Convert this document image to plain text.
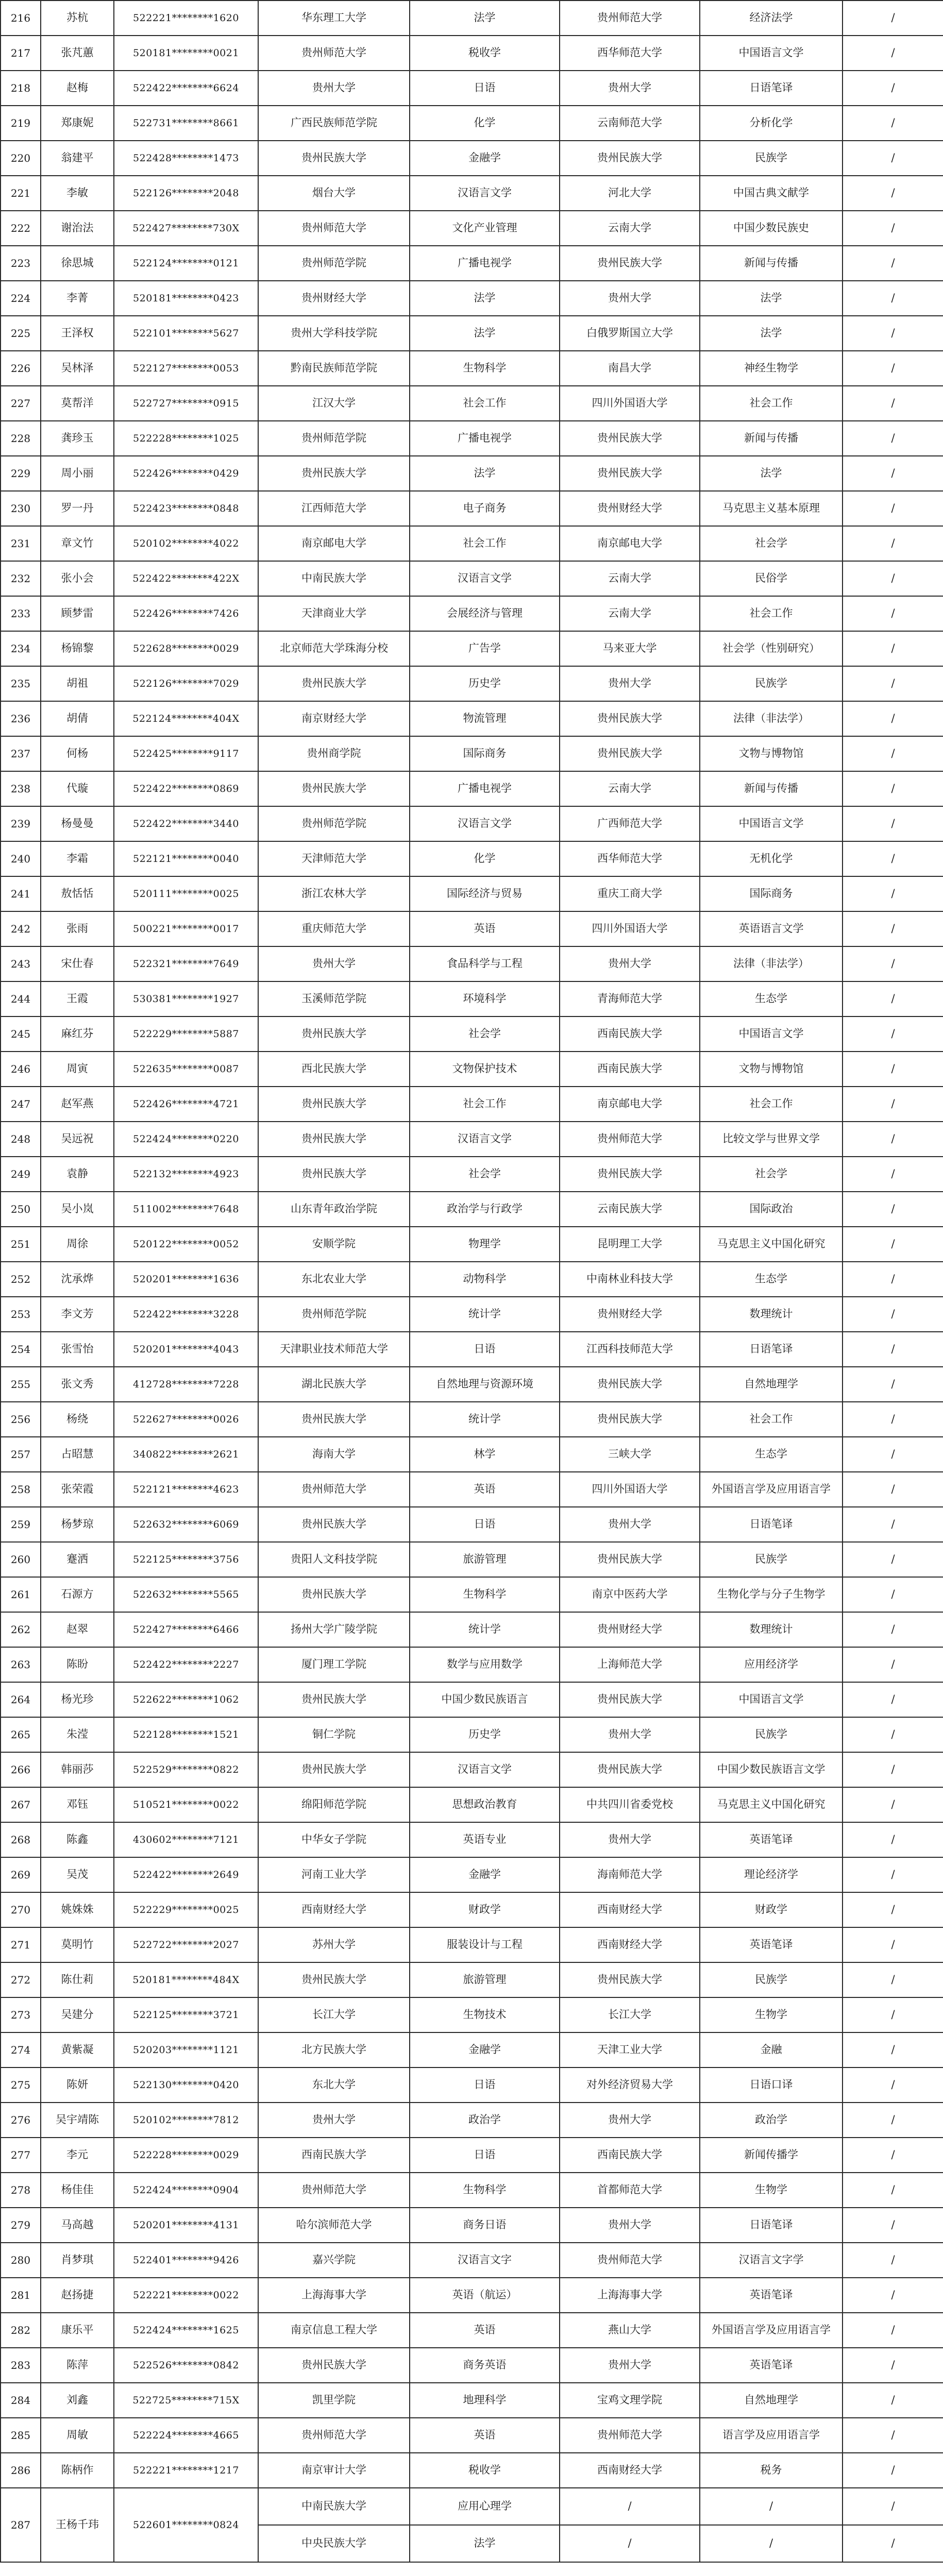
216	苏杭	522221********1620	华东理工大学	法学	贵州师范大学	经济法学	/
217	张芃蕙	520181********0021	贵州师范大学	税收学	西华师范大学	中国语言文学	/
218	赵梅	522422********6624	贵州大学	日语	贵州大学	日语笔译	/
219	郑康妮	522731********8661	广西民族师范学院	化学	云南师范大学	分析化学	/
220	翁建平	522428********1473	贵州民族大学	金融学	贵州民族大学	民族学	/
221	李敏	522126********2048	烟台大学	汉语言文学	河北大学	中国古典文献学	/
222	谢治法	522427********730X	贵州师范大学	文化产业管理	云南大学	中国少数民族史	/
223	徐思城	522124********0121	贵州师范学院	广播电视学	贵州民族大学	新闻与传播	/
224	李菁	520181********0423	贵州财经大学	法学	贵州大学	法学	/
225	王泽权	522101********5627	贵州大学科技学院	法学	白俄罗斯国立大学	法学	/
226	吴林泽	522127********0053	黔南民族师范学院	生物科学	南昌大学	神经生物学	/
227	莫帮洋	522727********0915	江汉大学	社会工作	四川外国语大学	社会工作	/
228	龚珍玉	522228********1025	贵州师范学院	广播电视学	贵州民族大学	新闻与传播	/
229	周小丽	522426********0429	贵州民族大学	法学	贵州民族大学	法学	/
230	罗一丹	522423********0848	江西师范大学	电子商务	贵州财经大学	马克思主义基本原理	/
231	章文竹	520102********4022	南京邮电大学	社会工作	南京邮电大学	社会学	/
232	张小会	522422********422X	中南民族大学	汉语言文学	云南大学	民俗学	/
233	顾梦雷	522426********7426	天津商业大学	会展经济与管理	云南大学	社会工作	/
234	杨锦黎	522628********0029	北京师范大学珠海分校	广告学	马来亚大学	社会学（性别研究）	/
235	胡祖	522126********7029	贵州民族大学	历史学	贵州大学	民族学	/
236	胡倩	522124********404X	南京财经大学	物流管理	贵州民族大学	法律（非法学）	/
237	何杨	522425********9117	贵州商学院	国际商务	贵州民族大学	文物与博物馆	/
238	代璇	522422********0869	贵州民族大学	广播电视学	云南大学	新闻与传播	/
239	杨曼曼	522422********3440	贵州师范学院	汉语言文学	广西师范大学	中国语言文学	/
240	李霜	522121********0040	天津师范大学	化学	西华师范大学	无机化学	/
241	敖恬恬	520111********0025	浙江农林大学	国际经济与贸易	重庆工商大学	国际商务	/
242	张雨	500221********0017	重庆师范大学	英语	四川外国语大学	英语语言文学	/
243	宋仕春	522321********7649	贵州大学	食品科学与工程	贵州大学	法律（非法学）	/
244	王霞	530381********1927	玉溪师范学院	环境科学	青海师范大学	生态学	/
245	麻红芬	522229********5887	贵州民族大学	社会学	西南民族大学	中国语言文学	/
246	周寅	522635********0087	西北民族大学	文物保护技术	西南民族大学	文物与博物馆	/
247	赵军燕	522426********4721	贵州民族大学	社会工作	南京邮电大学	社会工作	/
248	吴远祝	522424********0220	贵州民族大学	汉语言文学	贵州师范大学	比较文学与世界文学	/
249	袁静	522132********4923	贵州民族大学	社会学	贵州民族大学	社会学	/
250	吴小岚	511002********7648	山东青年政治学院	政治学与行政学	云南民族大学	国际政治	/
251	周徐	520122********0052	安顺学院	物理学	昆明理工大学	马克思主义中国化研究	/
252	沈承烨	520201********1636	东北农业大学	动物科学	中南林业科技大学	生态学	/
253	李文芳	522422********3228	贵州师范学院	统计学	贵州财经大学	数理统计	/
254	张雪怡	520201********4043	天津职业技术师范大学	日语	江西科技师范大学	日语笔译	/
255	张文秀	412728********7228	湖北民族大学	自然地理与资源环境	贵州民族大学	自然地理学	/
256	杨绕	522627********0026	贵州民族大学	统计学	贵州民族大学	社会工作	/
257	占昭慧	340822********2621	海南大学	林学	三峡大学	生态学	/
258	张荣霞	522121********4623	贵州师范大学	英语	四川外国语大学	外国语言学及应用语言学	/
259	杨梦琼	522632********6069	贵州民族大学	日语	贵州大学	日语笔译	/
260	蹇洒	522125********3756	贵阳人文科技学院	旅游管理	贵州民族大学	民族学	/
261	石源方	522632********5565	贵州民族大学	生物科学	南京中医药大学	生物化学与分子生物学	/
262	赵翠	522427********6466	扬州大学广陵学院	统计学	贵州财经大学	数理统计	/
263	陈盼	522422********2227	厦门理工学院	数学与应用数学	上海师范大学	应用经济学	/
264	杨光珍	522622********1062	贵州民族大学	中国少数民族语言	贵州民族大学	中国语言文学	/
265	朱滢	522128********1521	铜仁学院	历史学	贵州大学	民族学	/
266	韩丽莎	522529********0822	贵州民族大学	汉语言文学	贵州民族大学	中国少数民族语言文学	/
267	邓钰	510521********0022	绵阳师范学院	思想政治教育	中共四川省委党校	马克思主义中国化研究	/
268	陈鑫	430602********7121	中华女子学院	英语专业	贵州大学	英语笔译	/
269	吴茂	522422********2649	河南工业大学	金融学	海南师范大学	理论经济学	/
270	姚姝姝	522229********0025	西南财经大学	财政学	西南财经大学	财政学	/
271	莫明竹	522722********2027	苏州大学	服装设计与工程	西南财经大学	英语笔译	/
272	陈仕莉	520181********484X	贵州民族大学	旅游管理	贵州民族大学	民族学	/
273	吴建分	522125********3721	长江大学	生物技术	长江大学	生物学	/
274	黄紫凝	520203********1121	北方民族大学	金融学	天津工业大学	金融	/
275	陈妍	522130********0420	东北大学	日语	对外经济贸易大学	日语口译	/
276	吴宇靖陈	520102********7812	贵州大学	政治学	贵州大学	政治学	/
277	李元	522228********0029	西南民族大学	日语	西南民族大学	新闻传播学	/
278	杨佳佳	522424********0904	贵州师范大学	生物科学	首都师范大学	生物学	/
279	马高越	520201********4131	哈尔滨师范大学	商务日语	贵州大学	日语笔译	/
280	肖梦琪	522401********9426	嘉兴学院	汉语言文字	贵州师范大学	汉语言文字学	/
281	赵扬捷	522221********0022	上海海事大学	英语（航运）	上海海事大学	英语笔译	/
282	康乐平	522424********1625	南京信息工程大学	英语	燕山大学	外国语言学及应用语言学	/
283	陈萍	522526********0842	贵州民族大学	商务英语	贵州大学	英语笔译	/
284	刘鑫	522725********715X	凯里学院	地理科学	宝鸡文理学院	自然地理学	/
285	周敏	522224********4665	贵州师范大学	英语	贵州师范大学	语言学及应用语言学	/
286	陈柄作	522221********1217	南京审计大学	税收学	西南财经大学	税务	/
287	王杨千玮	522601********0824	中南民族大学	应用心理学	/	/	/
			中央民族大学	法学	/	/	/
